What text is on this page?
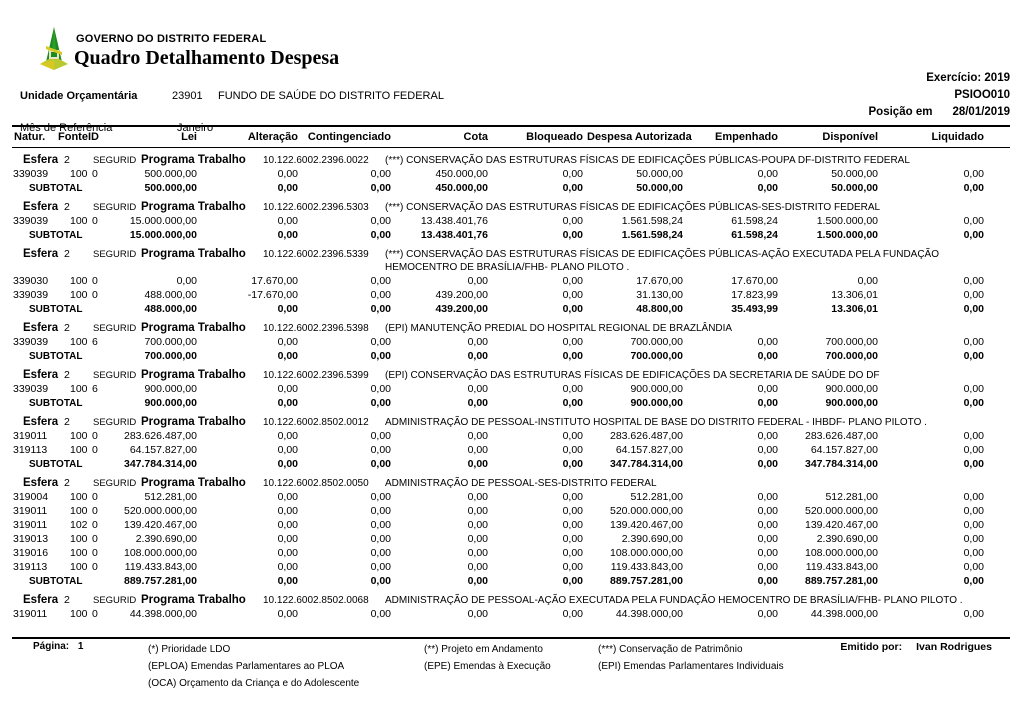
GOVERNO DO DISTRITO FEDERAL
Quadro Detalhamento Despesa
Exercício: 2019
PSIOO010
Posição em 28/01/2019
Unidade Orçamentária	23901 FUNDO DE SAÚDE DO DISTRITO FEDERAL
Mês de Referência	Janeiro
Natur.	Fonte	ID	Lei	Alteração	Contingenciado	Cota	Bloqueado	Despesa Autorizada	Empenhado	Disponível	Liquidado

Esfera 2	SEGURID Programa Trabalho	10.122.6002.2396.0022	(***) CONSERVAÇÃO DAS ESTRUTURAS FÍSICAS DE EDIFICAÇÕES PÚBLICAS-POUPA DF-DISTRITO FEDERAL

339039	100	0	500.000,00	0,00	0,00	450.000,00	0,00	50.000,00	0,00	50.000,00	0,00
SUBTOTAL			500.000,00	0,00	0,00	450.000,00	0,00	50.000,00	0,00	50.000,00	0,00

Esfera 2	SEGURID Programa Trabalho	10.122.6002.2396.5303	(***) CONSERVAÇÃO DAS ESTRUTURAS FÍSICAS DE EDIFICAÇÕES PÚBLICAS-SES-DISTRITO FEDERAL

339039	100	0	15.000.000,00	0,00	0,00	13.438.401,76	0,00	1.561.598,24	61.598,24	1.500.000,00	0,00
SUBTOTAL			15.000.000,00	0,00	0,00	13.438.401,76	0,00	1.561.598,24	61.598,24	1.500.000,00	0,00

Esfera 2	SEGURID Programa Trabalho	10.122.6002.2396.5339	(***) CONSERVAÇÃO DAS ESTRUTURAS FÍSICAS DE EDIFICAÇÕES PÚBLICAS-AÇÃO EXECUTADA PELA FUNDAÇÃO HEMOCENTRO DE BRASÍLIA/FHB- PLANO PILOTO .

339030	100	0	0,00	17.670,00	0,00	0,00	0,00	17.670,00	17.670,00	0,00	0,00
339039	100	0	488.000,00	-17.670,00	0,00	439.200,00	0,00	31.130,00	17.823,99	13.306,01	0,00
SUBTOTAL			488.000,00	0,00	0,00	439.200,00	0,00	48.800,00	35.493,99	13.306,01	0,00

Esfera 2	SEGURID Programa Trabalho	10.122.6002.2396.5398	(EPI) MANUTENÇÃO PREDIAL DO HOSPITAL REGIONAL DE BRAZLÂNDIA

339039	100	6	700.000,00	0,00	0,00	0,00	0,00	700.000,00	0,00	700.000,00	0,00
SUBTOTAL			700.000,00	0,00	0,00	0,00	0,00	700.000,00	0,00	700.000,00	0,00

Esfera 2	SEGURID Programa Trabalho	10.122.6002.2396.5399	(EPI) CONSERVAÇÃO DAS ESTRUTURAS FÍSICAS DE EDIFICAÇÕES DA SECRETARIA DE SAÚDE DO DF

339039	100	6	900.000,00	0,00	0,00	0,00	0,00	900.000,00	0,00	900.000,00	0,00
SUBTOTAL			900.000,00	0,00	0,00	0,00	0,00	900.000,00	0,00	900.000,00	0,00

Esfera 2	SEGURID Programa Trabalho	10.122.6002.8502.0012	ADMINISTRAÇÃO DE PESSOAL-INSTITUTO HOSPITAL DE BASE DO DISTRITO FEDERAL - IHBDF- PLANO PILOTO .

319011	100	0	283.626.487,00	0,00	0,00	0,00	0,00	283.626.487,00	0,00	283.626.487,00	0,00
319113	100	0	64.157.827,00	0,00	0,00	0,00	0,00	64.157.827,00	0,00	64.157.827,00	0,00
SUBTOTAL			347.784.314,00	0,00	0,00	0,00	0,00	347.784.314,00	0,00	347.784.314,00	0,00

Esfera 2	SEGURID Programa Trabalho	10.122.6002.8502.0050	ADMINISTRAÇÃO DE PESSOAL-SES-DISTRITO FEDERAL

319004	100	0	512.281,00	0,00	0,00	0,00	0,00	512.281,00	0,00	512.281,00	0,00
319011	100	0	520.000.000,00	0,00	0,00	0,00	0,00	520.000.000,00	0,00	520.000.000,00	0,00
319011	102	0	139.420.467,00	0,00	0,00	0,00	0,00	139.420.467,00	0,00	139.420.467,00	0,00
319013	100	0	2.390.690,00	0,00	0,00	0,00	0,00	2.390.690,00	0,00	2.390.690,00	0,00
319016	100	0	108.000.000,00	0,00	0,00	0,00	0,00	108.000.000,00	0,00	108.000.000,00	0,00
319113	100	0	119.433.843,00	0,00	0,00	0,00	0,00	119.433.843,00	0,00	119.433.843,00	0,00
SUBTOTAL			889.757.281,00	0,00	0,00	0,00	0,00	889.757.281,00	0,00	889.757.281,00	0,00

Esfera 2	SEGURID Programa Trabalho	10.122.6002.8502.0068	ADMINISTRAÇÃO DE PESSOAL-AÇÃO EXECUTADA PELA FUNDAÇÃO HEMOCENTRO DE BRASÍLIA/FHB- PLANO PILOTO .

319011	100	0	44.398.000,00	0,00	0,00	0,00	0,00	44.398.000,00	0,00	44.398.000,00	0,00
Página: 1	(*) Prioridade LDO
(EPLOA) Emendas Parlamentares ao PLOA
(OCA) Orçamento da Criança e do Adolescente
(**) Projeto em Andamento
(EPE) Emendas à Execução
(***) Conservação de Patrimônio
(EPI) Emendas Parlamentares Individuais
Emitido por: Ivan Rodrigues
